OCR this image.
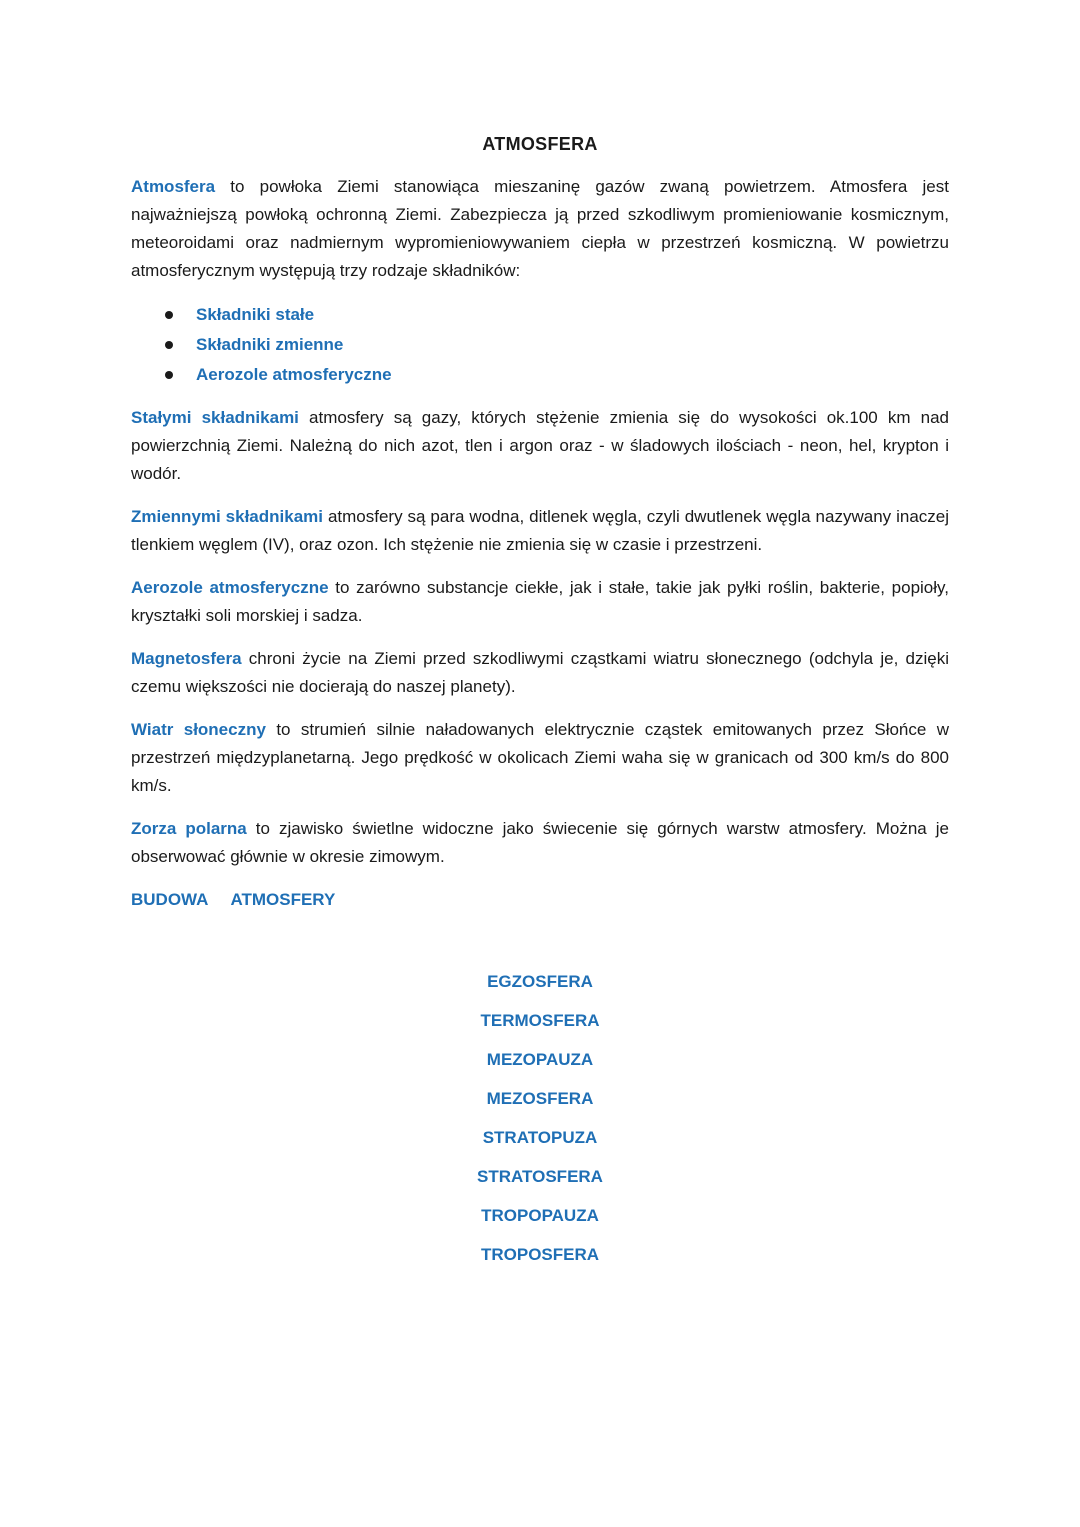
ATMOSFERA

Atmosfera to powłoka Ziemi stanowiąca mieszaninę gazów zwaną powietrzem. Atmosfera jest najważniejszą powłoką ochronną Ziemi. Zabezpiecza ją przed szkodliwym promieniowanie kosmicznym, meteoroidami oraz nadmiernym wypromieniowywaniem ciepła w przestrzeń kosmiczną. W powietrzu atmosferycznym występują trzy rodzaje składników:

Składniki stałe
Składniki zmienne
Aerozole atmosferyczne

Stałymi składnikami atmosfery są gazy, których stężenie zmienia się do wysokości ok.100 km nad powierzchnią Ziemi. Należną do nich azot, tlen i argon oraz - w śladowych ilościach - neon, hel, krypton i wodór.

Zmiennymi składnikami atmosfery są para wodna, ditlenek węgla, czyli dwutlenek węgla nazywany inaczej tlenkiem węglem (IV), oraz ozon. Ich stężenie nie zmienia się w czasie i przestrzeni.

Aerozole atmosferyczne to zarówno substancje ciekłe, jak i stałe, takie jak pyłki roślin, bakterie, popioły, kryształki soli morskiej i sadza.

Magnetosfera chroni życie na Ziemi przed szkodliwymi cząstkami wiatru słonecznego (odchyla je, dzięki czemu większości nie docierają do naszej planety).

Wiatr słoneczny to strumień silnie naładowanych elektrycznie cząstek emitowanych przez Słońce w przestrzeń międzyplanetarną. Jego prędkość w okolicach Ziemi waha się w granicach od 300 km/s do 800 km/s.

Zorza polarna to zjawisko świetlne widoczne jako świecenie się górnych warstw atmosfery. Można je obserwować głównie w okresie zimowym.

BUDOWA ATMOSFERY
EGZOSFERA
TERMOSFERA
MEZOPAUZA
MEZOSFERA
STRATOPUZA
STRATOSFERA
TROPOPAUZA
TROPOSFERA
